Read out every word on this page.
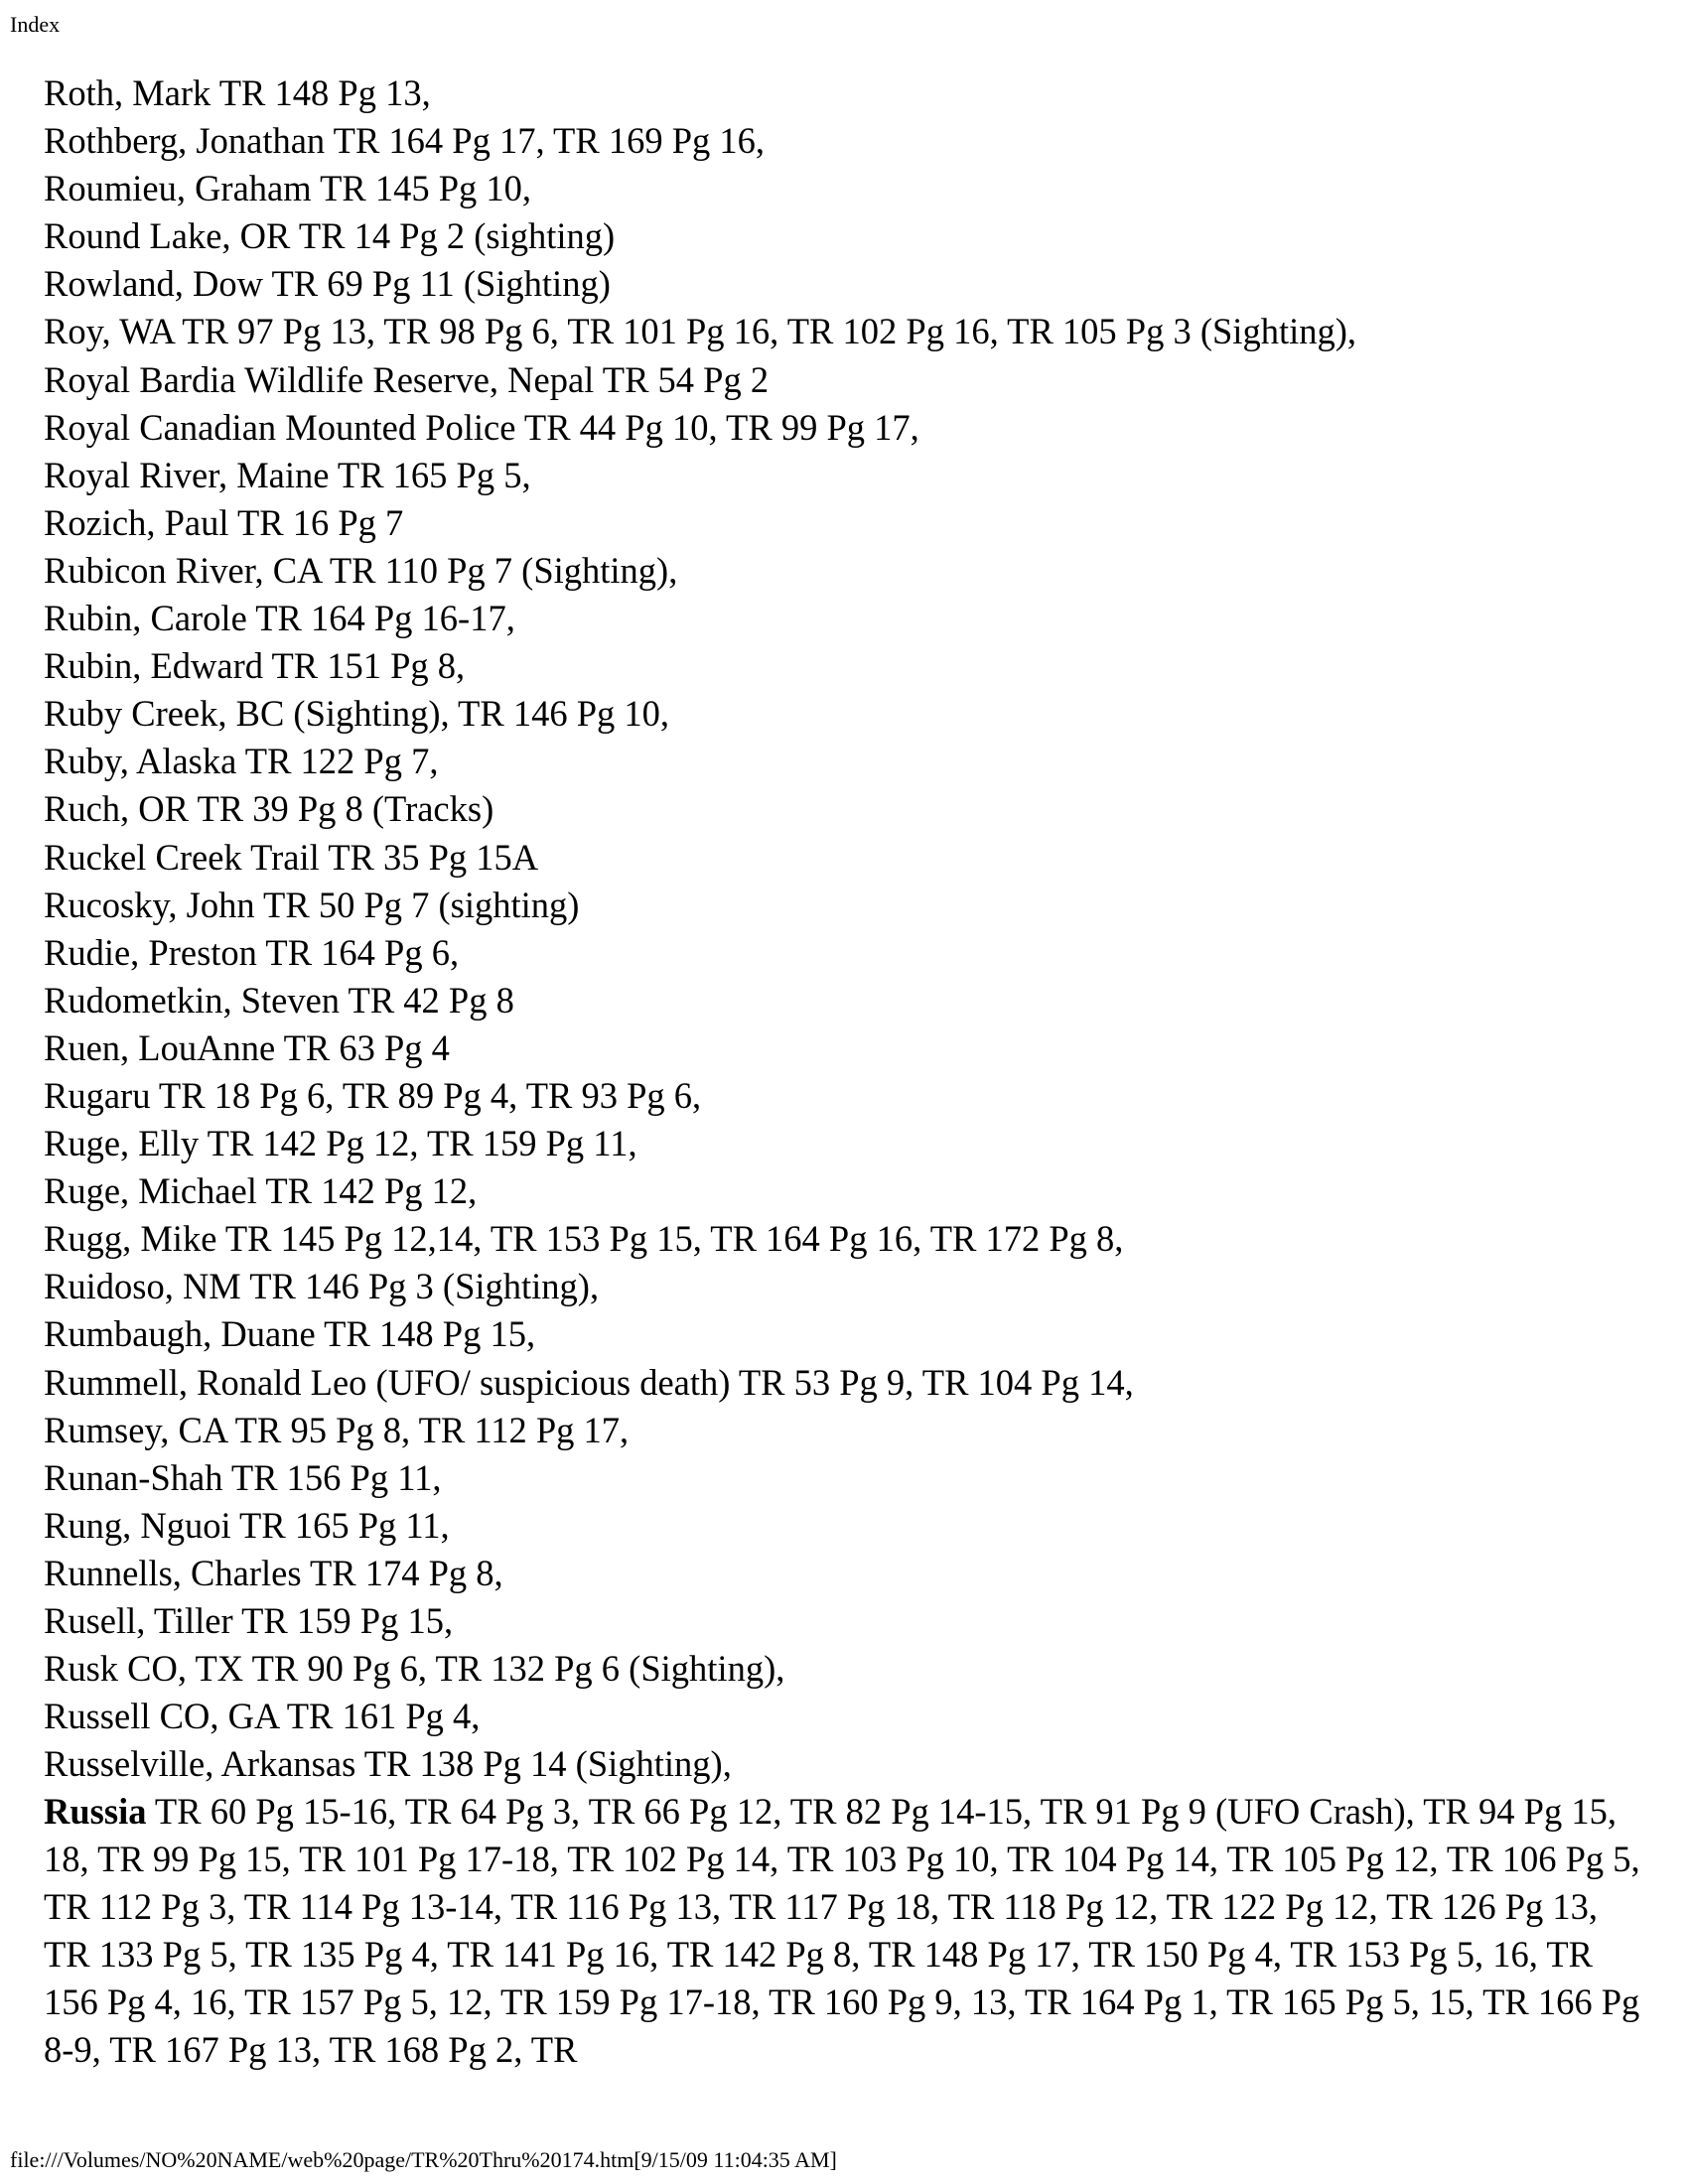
Index
Roth, Mark TR 148 Pg 13,
Rothberg, Jonathan TR 164 Pg 17, TR 169 Pg 16,
Roumieu, Graham TR 145 Pg 10,
Round Lake, OR TR 14 Pg 2 (sighting)
Rowland, Dow TR 69 Pg 11 (Sighting)
Roy, WA TR 97 Pg 13, TR 98 Pg 6, TR 101 Pg 16, TR 102 Pg 16, TR 105 Pg 3 (Sighting),
Royal Bardia Wildlife Reserve, Nepal TR 54 Pg 2
Royal Canadian Mounted Police TR 44 Pg 10, TR 99 Pg 17,
Royal River, Maine TR 165 Pg 5,
Rozich, Paul TR 16 Pg 7
Rubicon River, CA TR 110 Pg 7 (Sighting),
Rubin, Carole TR 164 Pg 16-17,
Rubin, Edward TR 151 Pg 8,
Ruby Creek, BC (Sighting), TR 146 Pg 10,
Ruby, Alaska TR 122 Pg 7,
Ruch, OR TR 39 Pg 8 (Tracks)
Ruckel Creek Trail TR 35 Pg 15A
Rucosky, John TR 50 Pg 7 (sighting)
Rudie, Preston TR 164 Pg 6,
Rudometkin, Steven TR 42 Pg 8
Ruen, LouAnne TR 63 Pg 4
Rugaru TR 18 Pg 6, TR 89 Pg 4, TR 93 Pg 6,
Ruge, Elly TR 142 Pg 12, TR 159 Pg 11,
Ruge, Michael TR 142 Pg 12,
Rugg, Mike TR 145 Pg 12,14, TR 153 Pg 15, TR 164 Pg 16, TR 172 Pg 8,
Ruidoso, NM TR 146 Pg 3 (Sighting),
Rumbaugh, Duane TR 148 Pg 15,
Rummell, Ronald Leo (UFO/ suspicious death) TR 53 Pg 9, TR 104 Pg 14,
Rumsey, CA TR 95 Pg 8, TR 112 Pg 17,
Runan-Shah TR 156 Pg 11,
Rung, Nguoi TR 165 Pg 11,
Runnells, Charles TR 174 Pg 8,
Rusell, Tiller TR 159 Pg 15,
Rusk CO, TX TR 90 Pg 6, TR 132 Pg 6 (Sighting),
Russell CO, GA TR 161 Pg 4,
Russelville, Arkansas TR 138 Pg 14 (Sighting),

Russia TR 60 Pg 15-16, TR 64 Pg 3, TR 66 Pg 12, TR 82 Pg 14-15, TR 91 Pg 9 (UFO Crash), TR 94 Pg 15, 18, TR 99 Pg 15, TR 101 Pg 17-18, TR 102 Pg 14, TR 103 Pg 10, TR 104 Pg 14, TR 105 Pg 12, TR 106 Pg 5, TR 112 Pg 3, TR 114 Pg 13-14, TR 116 Pg 13, TR 117 Pg 18, TR 118 Pg 12, TR 122 Pg 12, TR 126 Pg 13, TR 133 Pg 5, TR 135 Pg 4, TR 141 Pg 16, TR 142 Pg 8, TR 148 Pg 17, TR 150 Pg 4, TR 153 Pg 5, 16, TR 156 Pg 4, 16, TR 157 Pg 5, 12, TR 159 Pg 17-18, TR 160 Pg 9, 13, TR 164 Pg 1, TR 165 Pg 5, 15, TR 166 Pg 8-9, TR 167 Pg 13, TR 168 Pg 2, TR

file:///Volumes/NO%20NAME/web%20page/TR%20Thru%20174.htm[9/15/09 11:04:35 AM]
